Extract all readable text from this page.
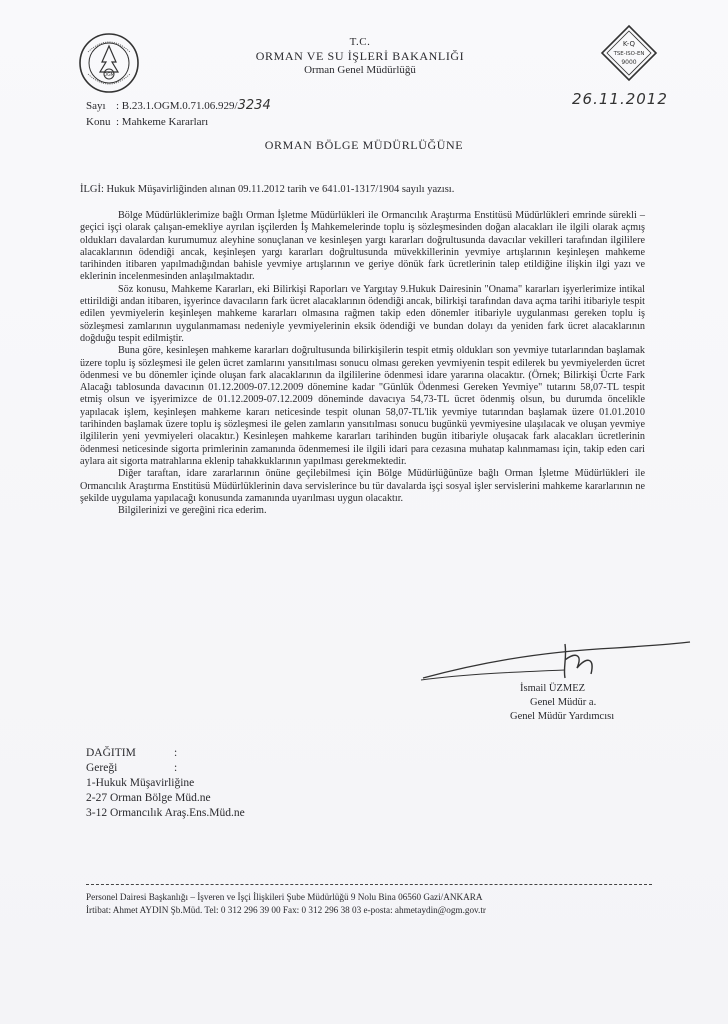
OGM
K-Q
TSE-ISO-EN
9000
T.C.
ORMAN VE SU İŞLERİ BAKANLIĞI
Orman Genel Müdürlüğü
Sayı : B.23.1.OGM.0.71.06.929/ 3234
Konu : Mahkeme Kararları
26.11.2012
ORMAN BÖLGE MÜDÜRLÜĞÜNE
İLGİ: Hukuk Müşavirliğinden alınan 09.11.2012 tarih ve 641.01-1317/1904 sayılı yazısı.

Bölge Müdürlüklerimize bağlı Orman İşletme Müdürlükleri ile Ormancılık Araştırma Enstitüsü Müdürlükleri emrinde sürekli –geçici işçi olarak çalışan-emekliye ayrılan işçilerden İş Mahkemelerinde toplu iş sözleşmesinden doğan alacakları ile ilgili olarak açmış oldukları davalardan kurumumuz aleyhine sonuçlanan ve kesinleşen yargı kararları doğrultusunda davacılar vekilleri tarafından ilgililere alacaklarının ödendiği ancak, keşinleşen yargı kararları doğrultusunda müvekkillerinin yevmiye artışlarının keşinleşen mahkeme tarihinden itibaren yapılmadığından bahisle yevmiye artışlarının ve geriye dönük fark ücretlerinin talep etildiğine ilişkin ilgi yazı ve eklerinin incelenmesinden anlaşılmaktadır.

Söz konusu, Mahkeme Kararları, eki Bilirkişi Raporları ve Yargıtay 9.Hukuk Dairesinin "Onama" kararları işyerlerimize intikal ettirildiği andan itibaren, işyerince davacıların fark ücret alacaklarının ödendiği ancak, bilirkişi tarafından dava açma tarihi itibariyle tespit edilen yevmiyelerin keşinleşen mahkeme kararları olmasına rağmen takip eden dönemler itibariyle uygulanması gereken toplu iş sözleşmesi zamlarının uygulanmaması nedeniyle yevmiyelerinin eksik ödendiği ve bundan dolayı da yeniden fark ücret alacaklarının doğduğu tespit edilmiştir.

Buna göre, kesinleşen mahkeme kararları doğrultusunda bilirkişilerin tespit etmiş oldukları son yevmiye tutarlarından başlamak üzere toplu iş sözleşmesi ile gelen ücret zamlarını yansıtılması sonucu olması gereken yevmiyenin tespit edilerek bu yevmiyelerden ücret ödenmesi ve bu dönemler içinde oluşan fark alacaklarının da ilgililerine ödenmesi idare yararına olacaktır. (Örnek; Bilirkişi Ücrte Fark Alacağı tablosunda davacının 01.12.2009-07.12.2009 dönemine kadar "Günlük Ödenmesi Gereken Yevmiye" tutarını 58,07-TL tespit etmiş olsun ve işyerimizce de 01.12.2009-07.12.2009 döneminde davacıya 54,73-TL ücret ödenmiş olsun, bu durumda öncelikle yapılacak işlem, keşinleşen mahkeme kararı neticesinde tespit olunan 58,07-TL'lik yevmiye tutarından başlamak üzere 01.01.2010 tarihinden başlamak üzere toplu iş sözleşmesi ile gelen zamların yansıtılması sonucu bugünkü yevmiyesine ulaşılacak ve oluşan yevmiye ilgililerin yeni yevmiyeleri olacaktır.) Kesinleşen mahkeme kararları tarihinden bugün itibariyle oluşacak fark alacakları ücretlerinin ödenmesi neticesinde sigorta primlerinin zamanında ödenmemesi ile ilgili idari para cezasına muhatap kalınmaması için, takip eden cari aylara ait sigorta matrahlarına eklenip tahakkuklarının yapılması gerekmektedir.

Diğer taraftan, idare zararlarının önüne geçilebilmesi için Bölge Müdürlüğünüze bağlı Orman İşletme Müdürlükleri ile Ormancılık Araştırma Enstitüsü Müdürlüklerinin dava servislerince bu tür davalarda işçi sosyal işler servislerini mahkeme kararlarının ne şekilde uygulama yapılacağı konusunda zamanında uyarılması uygun olacaktır.

Bilgilerinizi ve gereğini rica ederim.

İsmail ÜZMEZ
Genel Müdür a.
Genel Müdür Yardımcısı
DAĞITIM	:
Gereği	:
1-Hukuk Müşavirliğine
2-27 Orman Bölge Müd.ne
3-12 Ormancılık Araş.Ens.Müd.ne
Personel Dairesi Başkanlığı – İşveren ve İşçi İlişkileri Şube Müdürlüğü 9 Nolu Bina 06560 Gazi/ANKARA
İrtibat: Ahmet AYDIN Şb.Müd. Tel: 0 312 296 39 00 Fax: 0 312 296 38 03 e-posta: ahmetaydin@ogm.gov.tr
